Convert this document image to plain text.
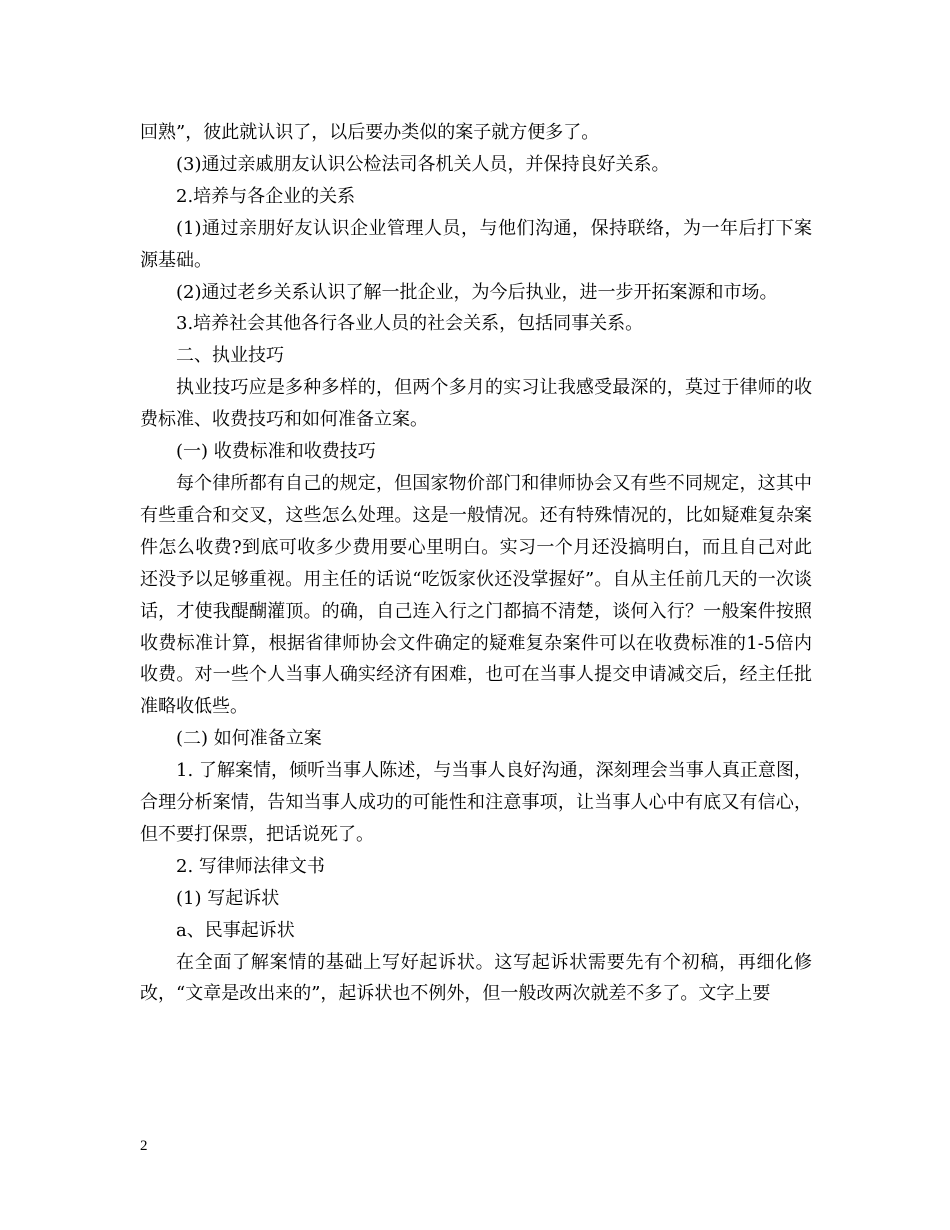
回熟”，彼此就认识了，以后要办类似的案子就方便多了。

(3)通过亲戚朋友认识公检法司各机关人员，并保持良好关系。

2.培养与各企业的关系

(1)通过亲朋好友认识企业管理人员，与他们沟通，保持联络，为一年后打下案源基础。

(2)通过老乡关系认识了解一批企业，为今后执业，进一步开拓案源和市场。

3.培养社会其他各行各业人员的社会关系，包括同事关系。

二、执业技巧

执业技巧应是多种多样的，但两个多月的实习让我感受最深的，莫过于律师的收费标准、收费技巧和如何准备立案。

(一) 收费标准和收费技巧

每个律所都有自己的规定，但国家物价部门和律师协会又有些不同规定，这其中有些重合和交叉，这些怎么处理。这是一般情况。还有特殊情况的，比如疑难复杂案件怎么收费?到底可收多少费用要心里明白。实习一个月还没搞明白，而且自己对此还没予以足够重视。用主任的话说“吃饭家伙还没掌握好”。自从主任前几天的一次谈话，才使我醍醐灌顶。的确，自己连入行之门都搞不清楚，谈何入行？一般案件按照收费标准计算，根据省律师协会文件确定的疑难复杂案件可以在收费标准的1-5倍内收费。对一些个人当事人确实经济有困难，也可在当事人提交申请减交后，经主任批准略收低些。

(二) 如何准备立案

1. 了解案情，倾听当事人陈述，与当事人良好沟通，深刻理会当事人真正意图，合理分析案情，告知当事人成功的可能性和注意事项，让当事人心中有底又有信心，但不要打保票，把话说死了。

2. 写律师法律文书

(1) 写起诉状

a、民事起诉状

在全面了解案情的基础上写好起诉状。这写起诉状需要先有个初稿，再细化修改，“文章是改出来的”，起诉状也不例外，但一般改两次就差不多了。文字上要

2
